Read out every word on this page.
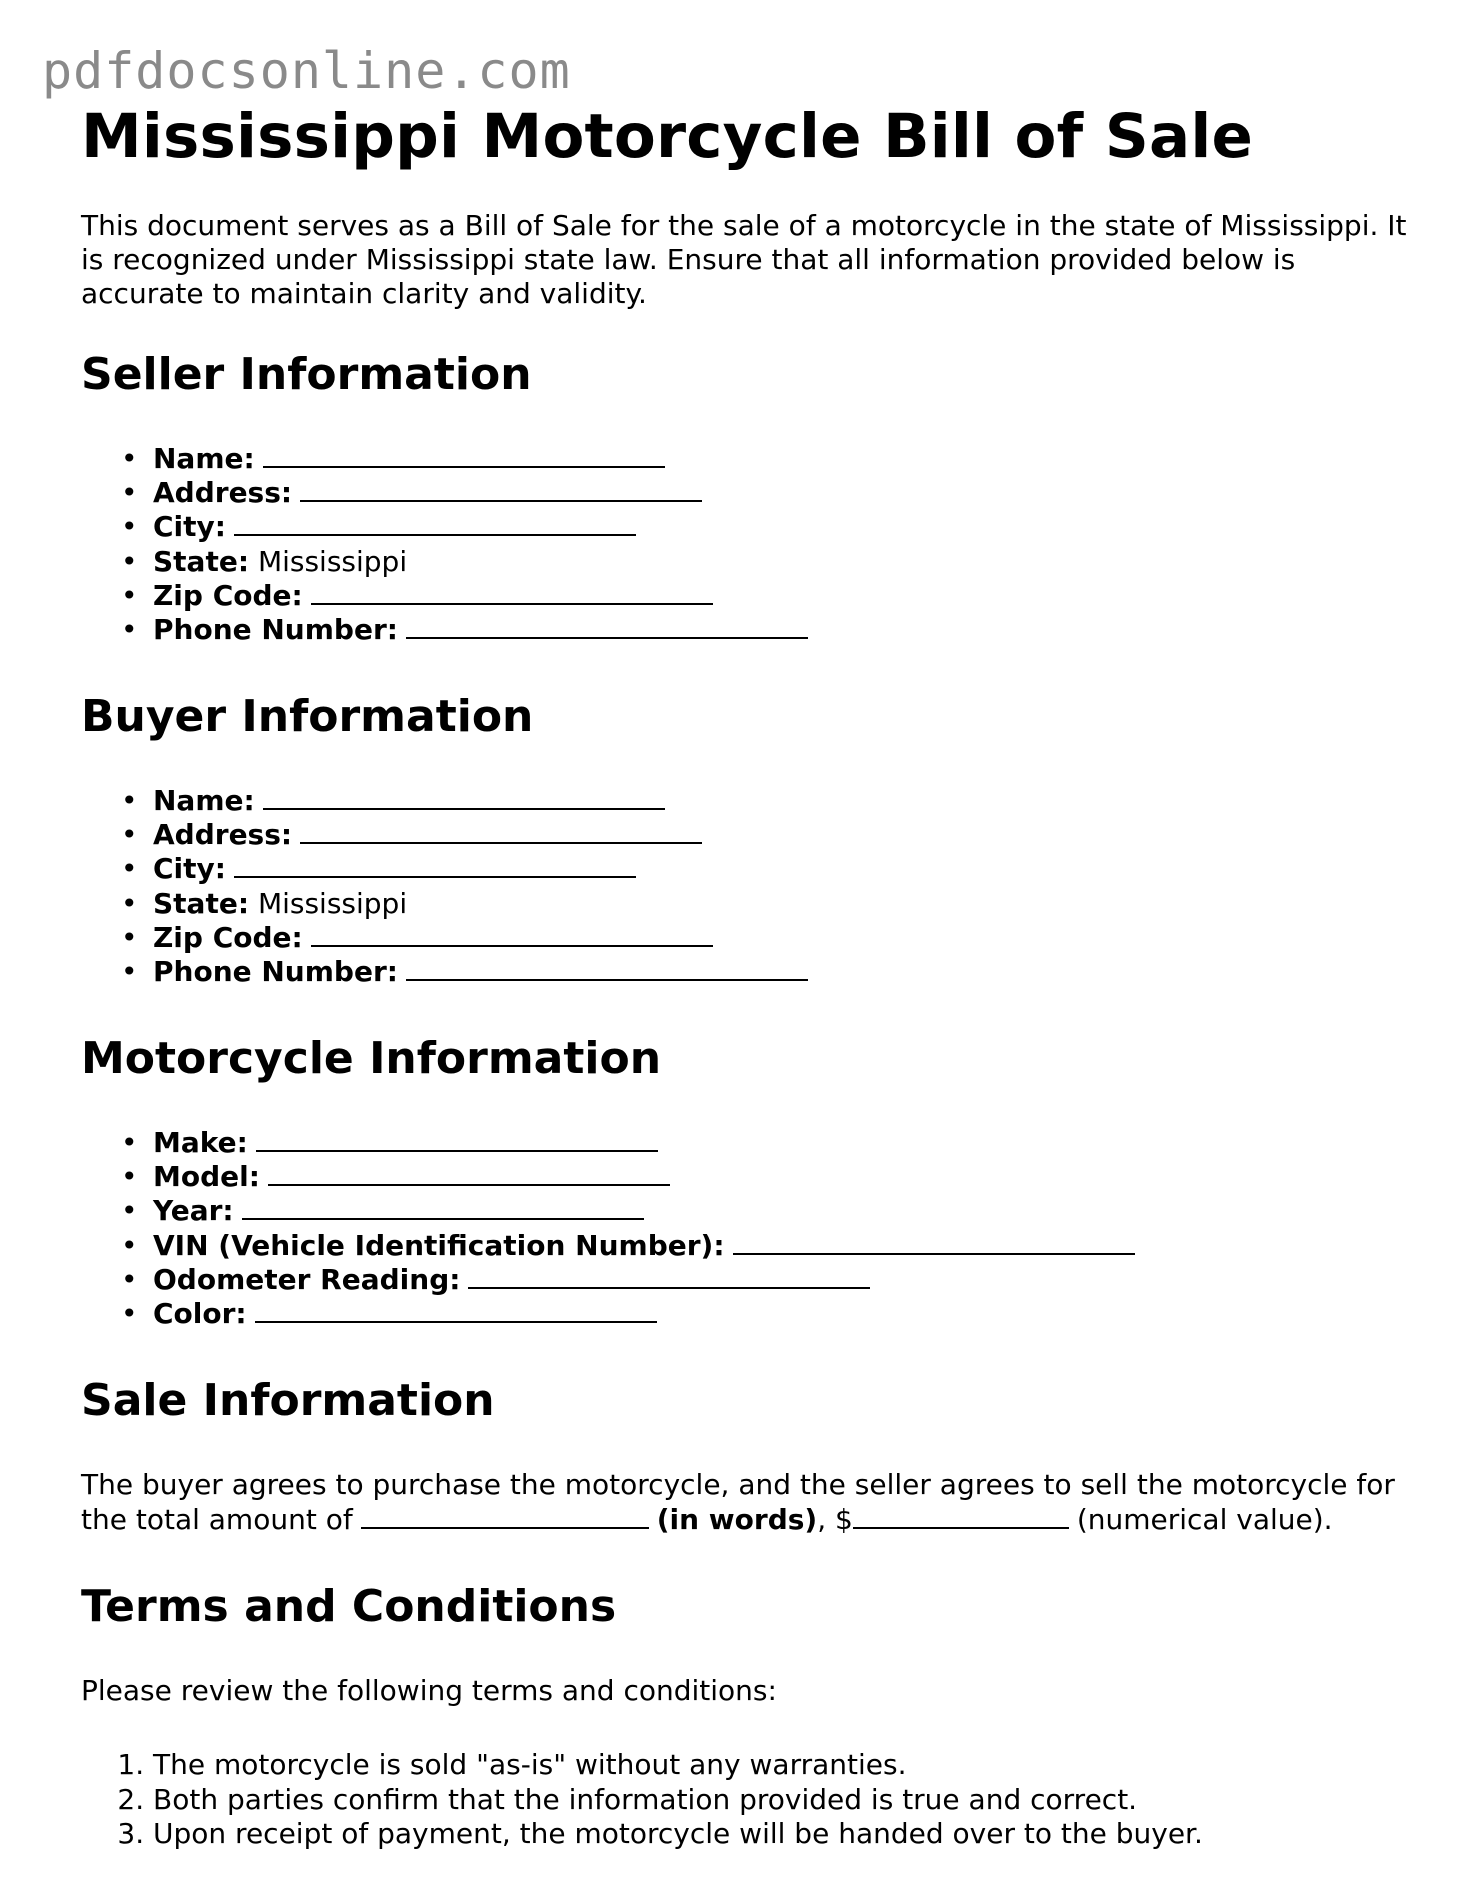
pdfdocsonline.com
Mississippi Motorcycle Bill of Sale

This document serves as a Bill of Sale for the sale of a motorcycle in the state of Mississippi. It is recognized under Mississippi state law. Ensure that all information provided below is accurate to maintain clarity and validity.

Seller Information
• Name:
• Address:
• City:
• State: Mississippi
• Zip Code:
• Phone Number:
Buyer Information
• Name:
• Address:
• City:
• State: Mississippi
• Zip Code:
• Phone Number:
Motorcycle Information
• Make:
• Model:
• Year:
• VIN (Vehicle Identification Number):
• Odometer Reading:
• Color:
Sale Information

The buyer agrees to purchase the motorcycle, and the seller agrees to sell the motorcycle for the total amount of	(in words), $	(numerical value).

Terms and Conditions

Please review the following terms and conditions:

1. The motorcycle is sold "as-is" without any warranties.
2. Both parties confirm that the information provided is true and correct.
3. Upon receipt of payment, the motorcycle will be handed over to the buyer.
